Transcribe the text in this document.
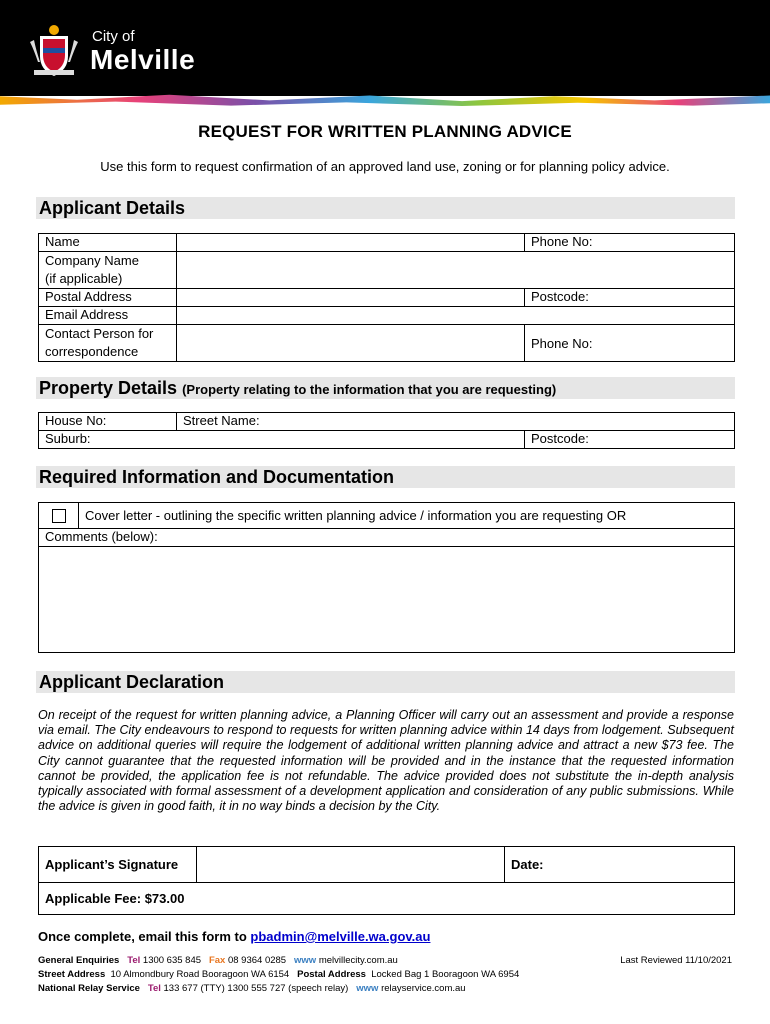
City of
Melville
REQUEST FOR WRITTEN PLANNING ADVICE
Use this form to request confirmation of an approved land use, zoning or for planning policy advice.
Applicant Details
Name		Phone No:
Company Name
(if applicable)		
Postal Address		Postcode:
Email Address		
Contact Person for
correspondence		Phone No:
Property Details (Property relating to the information that you are requesting)
House No:	Street Name:	
Suburb:		Postcode:
Required Information and Documentation
	Cover letter - outlining the specific written planning advice / information you are requesting OR
Comments (below):

Applicant Declaration
On receipt of the request for written planning advice, a Planning Officer will carry out an assessment and provide a response via email. The City endeavours to respond to requests for written planning advice within 14 days from lodgement. Subsequent advice on additional queries will require the lodgement of additional written planning advice and attract a new $73 fee. The City cannot guarantee that the requested information will be provided and in the instance that the requested information cannot be provided, the application fee is not refundable. The advice provided does not substitute the in-depth analysis typically associated with formal assessment of a development application and consideration of any public submissions. While the advice is given in good faith, it in no way binds a decision by the City.
Applicant’s Signature		Date:
Applicable Fee: $73.00
Once complete, email this form to pbadmin@melville.wa.gov.au
General Enquiries Tel 1300 635 845 Fax 08 9364 0285 www melvillecity.com.au	Last Reviewed 11/10/2021
Street Address 10 Almondbury Road Booragoon WA 6154 Postal Address Locked Bag 1 Booragoon WA 6954
National Relay Service Tel 133 677 (TTY) 1300 555 727 (speech relay) www relayservice.com.au
